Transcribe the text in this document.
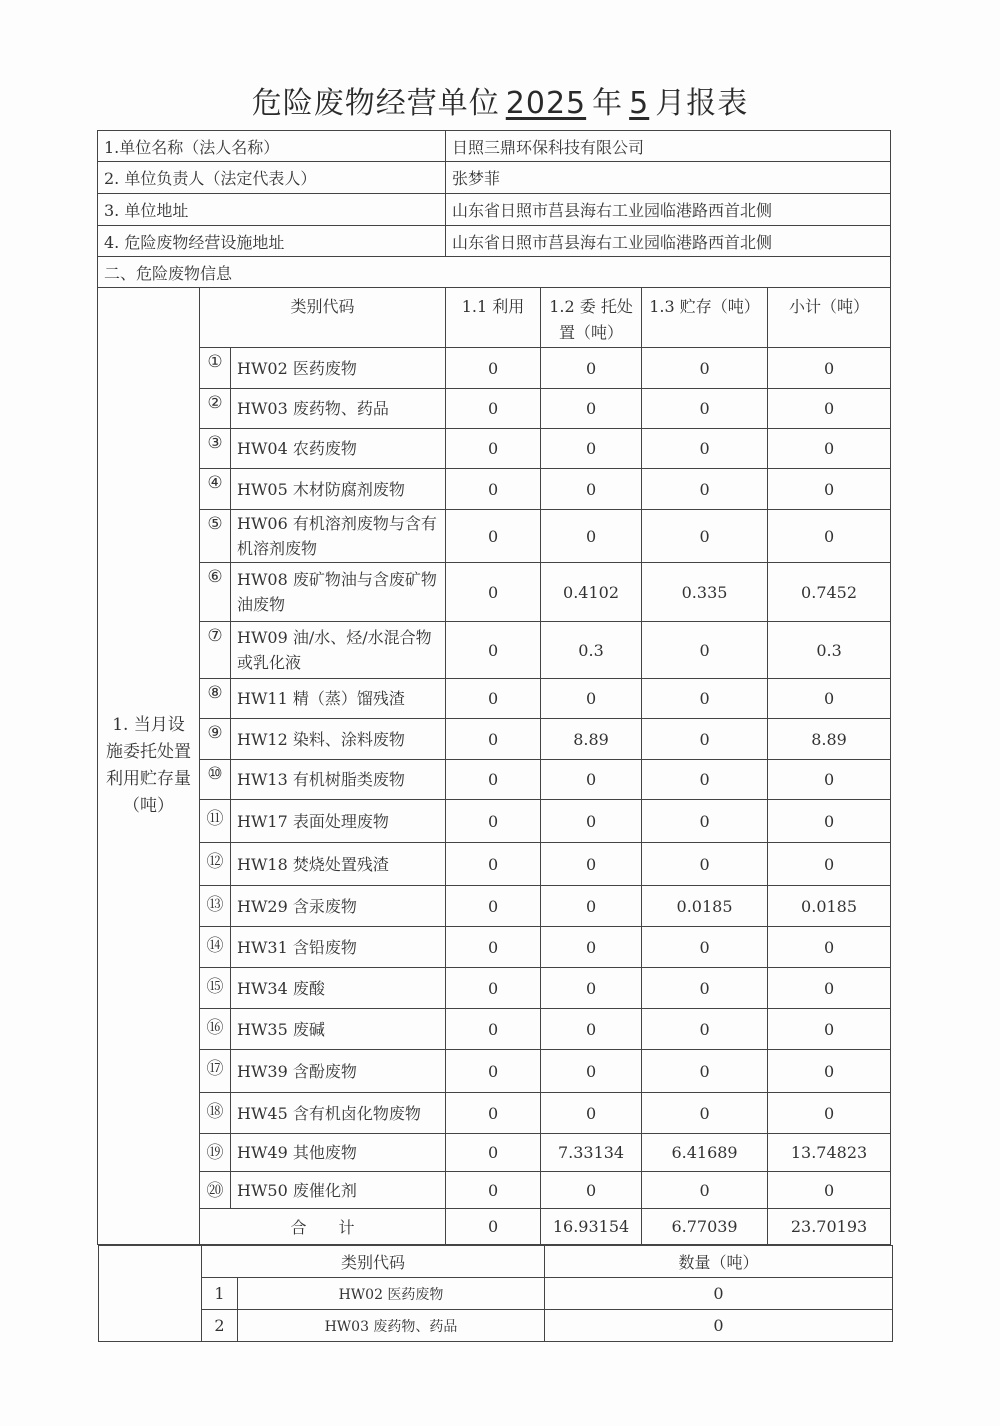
危险废物经营单位 2025 年 5 月报表
1.单位名称（法人名称）			日照三鼎环保科技有限公司			
2. 单位负责人（法定代表人）			张梦菲			
3. 单位地址			山东省日照市莒县海右工业园临港路西首北侧			
4. 危险废物经营设施地址			山东省日照市莒县海右工业园临港路西首北侧			
二、危险废物信息						
1. 当月设施委托处置利用贮存量（吨）	类别代码		1.1 利用	1.2 委 托处置（吨）	1.3 贮存（吨）	小计（吨）
	①	HW02 医药废物	0	0	0	0
	②	HW03 废药物、药品	0	0	0	0
	③	HW04 农药废物	0	0	0	0
	④	HW05 木材防腐剂废物	0	0	0	0
	⑤	HW06 有机溶剂废物与含有机溶剂废物	0	0	0	0
	⑥	HW08 废矿物油与含废矿物油废物	0	0.4102	0.335	0.7452
	⑦	HW09 油/水、烃/水混合物或乳化液	0	0.3	0	0.3
	⑧	HW11 精（蒸）馏残渣	0	0	0	0
	⑨	HW12 染料、涂料废物	0	8.89	0	8.89
	⑩	HW13 有机树脂类废物	0	0	0	0
	⑪	HW17 表面处理废物	0	0	0	0
	⑫	HW18 焚烧处置残渣	0	0	0	0
	⑬	HW29 含汞废物	0	0	0.0185	0.0185
	⑭	HW31 含铅废物	0	0	0	0
	⑮	HW34 废酸	0	0	0	0
	⑯	HW35 废碱	0	0	0	0
	⑰	HW39 含酚废物	0	0	0	0
	⑱	HW45 含有机卤化物废物	0	0	0	0
	⑲	HW49 其他废物	0	7.33134	6.41689	13.74823
	⑳	HW50 废催化剂	0	0	0	0
	合　　计		0	16.93154	6.77039	23.70193
	类别代码		数量（吨）
	1	HW02 医药废物	0
	2	HW03 废药物、药品	0
